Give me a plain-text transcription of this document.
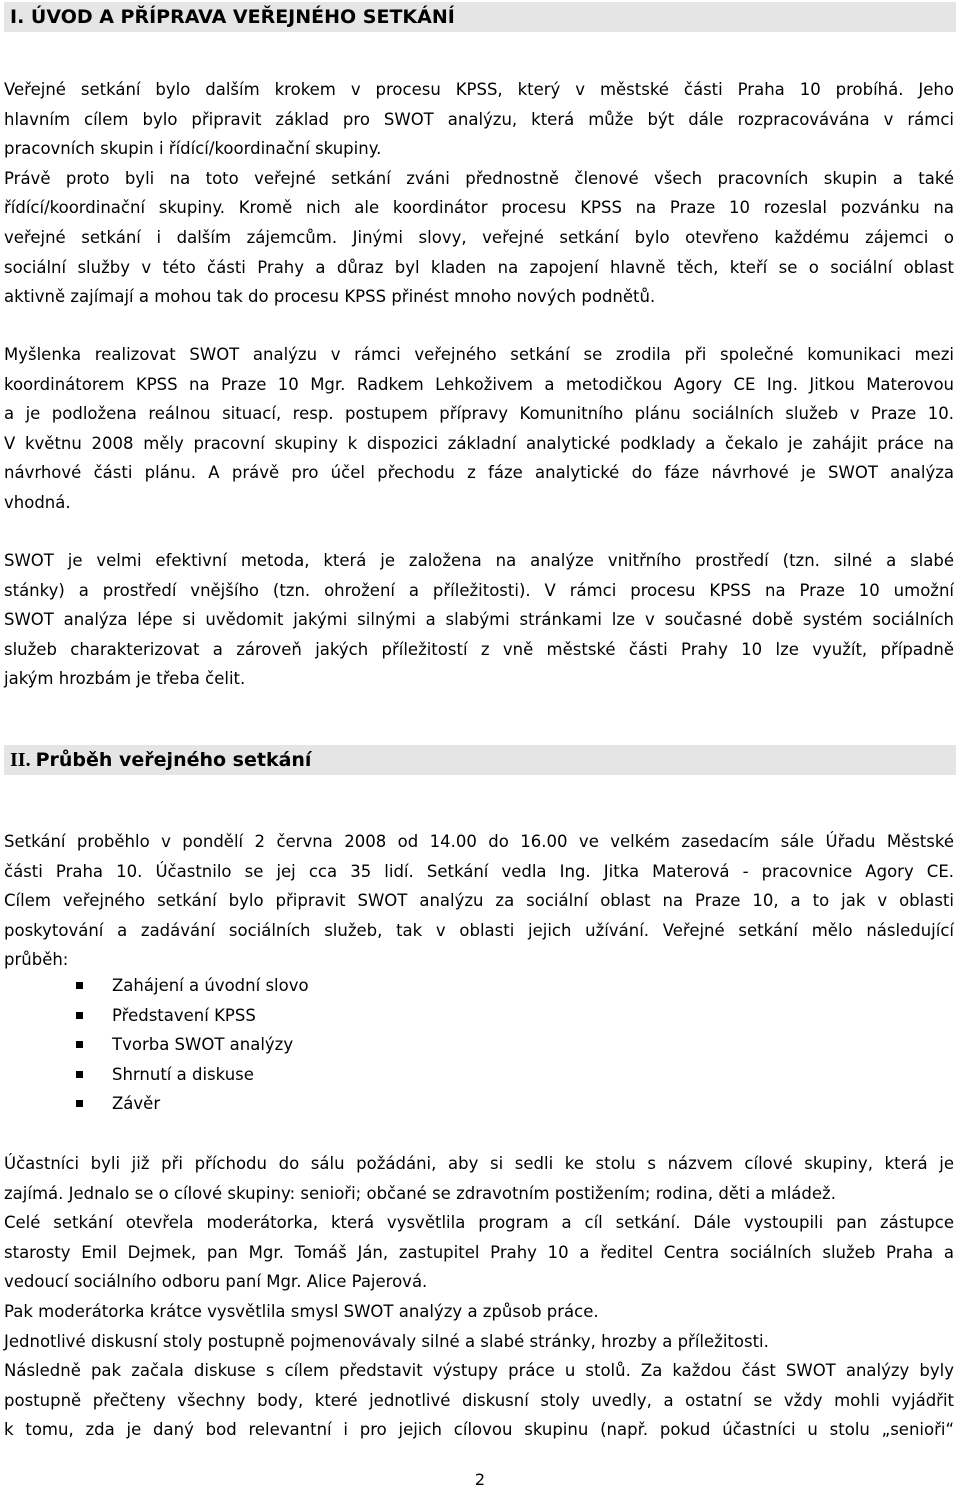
I. ÚVOD A PŘÍPRAVA VEŘEJNÉHO SETKÁNÍ
Veřejné setkání bylo dalším krokem v procesu KPSS, který v městské části Praha 10 probíhá. Jeho
hlavním cílem bylo připravit základ pro SWOT analýzu, která může být dále rozpracovávána v rámci
pracovních skupin i řídící/koordinační skupiny.
Právě proto byli na toto veřejné setkání zváni přednostně členové všech pracovních skupin a také
řídící/koordinační skupiny. Kromě nich ale koordinátor procesu KPSS na Praze 10 rozeslal pozvánku na
veřejné setkání i dalším zájemcům. Jinými slovy, veřejné setkání bylo otevřeno každému zájemci o
sociální služby v této části Prahy a důraz byl kladen na zapojení hlavně těch, kteří se o sociální oblast
aktivně zajímají a mohou tak do procesu KPSS přinést mnoho nových podnětů.
Myšlenka realizovat SWOT analýzu v rámci veřejného setkání se zrodila při společné komunikaci mezi
koordinátorem KPSS na Praze 10 Mgr. Radkem Lehkoživem a metodičkou Agory CE Ing. Jitkou Materovou
a je podložena reálnou situací, resp. postupem přípravy Komunitního plánu sociálních služeb v Praze 10.
V květnu 2008 měly pracovní skupiny k dispozici základní analytické podklady a čekalo je zahájit práce na
návrhové části plánu. A právě pro účel přechodu z fáze analytické do fáze návrhové je SWOT analýza
vhodná.
SWOT je velmi efektivní metoda, která je založena na analýze vnitřního prostředí (tzn. silné a slabé
stánky) a prostředí vnějšího (tzn. ohrožení a příležitosti). V rámci procesu KPSS na Praze 10 umožní
SWOT analýza lépe si uvědomit jakými silnými a slabými stránkami lze v současné době systém sociálních
služeb charakterizovat a zároveň jakých příležitostí z vně městské části Prahy 10 lze využít, případně
jakým hrozbám je třeba čelit.
II. Průběh veřejného setkání
Setkání proběhlo v pondělí 2 června 2008 od 14.00 do 16.00 ve velkém zasedacím sále Úřadu Městské
části Praha 10. Účastnilo se jej cca 35 lidí. Setkání vedla Ing. Jitka Materová - pracovnice Agory CE.
Cílem veřejného setkání bylo připravit SWOT analýzu za sociální oblast na Praze 10, a to jak v oblasti
poskytování a zadávání sociálních služeb, tak v oblasti jejich užívání. Veřejné setkání mělo následující
průběh:
Zahájení a úvodní slovo
Představení KPSS
Tvorba SWOT analýzy
Shrnutí a diskuse
Závěr
Účastníci byli již při příchodu do sálu požádáni, aby si sedli ke stolu s názvem cílové skupiny, která je
zajímá. Jednalo se o cílové skupiny: senioři; občané se zdravotním postižením; rodina, děti a mládež.
Celé setkání otevřela moderátorka, která vysvětlila program a cíl setkání. Dále vystoupili pan zástupce
starosty Emil Dejmek, pan Mgr. Tomáš Ján, zastupitel Prahy 10 a ředitel Centra sociálních služeb Praha a
vedoucí sociálního odboru paní Mgr. Alice Pajerová.
Pak moderátorka krátce vysvětlila smysl SWOT analýzy a způsob práce.
Jednotlivé diskusní stoly postupně pojmenovávaly silné a slabé stránky, hrozby a příležitosti.
Následně pak začala diskuse s cílem představit výstupy práce u stolů. Za každou část SWOT analýzy byly
postupně přečteny všechny body, které jednotlivé diskusní stoly uvedly, a ostatní se vždy mohli vyjádřit
k tomu, zda je daný bod relevantní i pro jejich cílovou skupinu (např. pokud účastníci u stolu „senioři“
2
